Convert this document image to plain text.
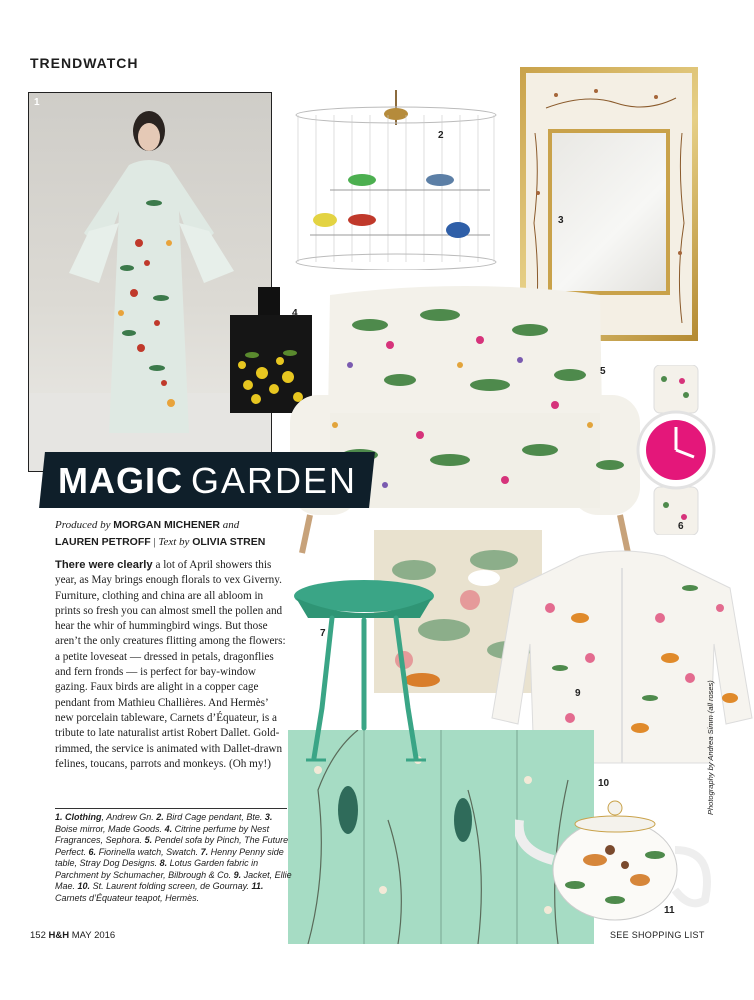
TRENDWATCH
1
2
3
4
5
6
9
10
7
11
MAGIC GARDEN
Produced by MORGAN MICHENER and
LAUREN PETROFF | Text by OLIVIA STREN
There were clearly a lot of April showers this year, as May brings enough florals to vex Giverny. Furniture, clothing and china are all abloom in prints so fresh you can almost smell the pollen and hear the whir of hummingbird wings. But those aren’t the only creatures flitting among the flowers: a petite loveseat — dressed in petals, dragonflies and fern fronds — is perfect for bay-window gazing. Faux birds are alight in a copper cage pendant from Mathieu Challières. And Hermès’ new porcelain tableware, Carnets d’Équateur, is a tribute to late naturalist artist Robert Dallet. Gold-rimmed, the service is animated with Dallet-drawn felines, toucans, parrots and monkeys. (Oh my!)
1. Clothing, Andrew Gn. 2. Bird Cage pendant, Bte. 3. Boise mirror, Made Goods. 4. Citrine perfume by Nest Fragrances, Sephora. 5. Pendel sofa by Pinch, The Future Perfect. 6. Fiorinella watch, Swatch. 7. Henny Penny side table, Stray Dog Designs. 8. Lotus Garden fabric in Parchment by Schumacher, Bilbrough & Co. 9. Jacket, Ellie Mae. 10. St. Laurent folding screen, de Gournay. 11. Carnets d’Équateur teapot, Hermès.
152 H&H MAY 2016	SEE SHOPPING LIST
Photography by Andrea Simm (all roses)
